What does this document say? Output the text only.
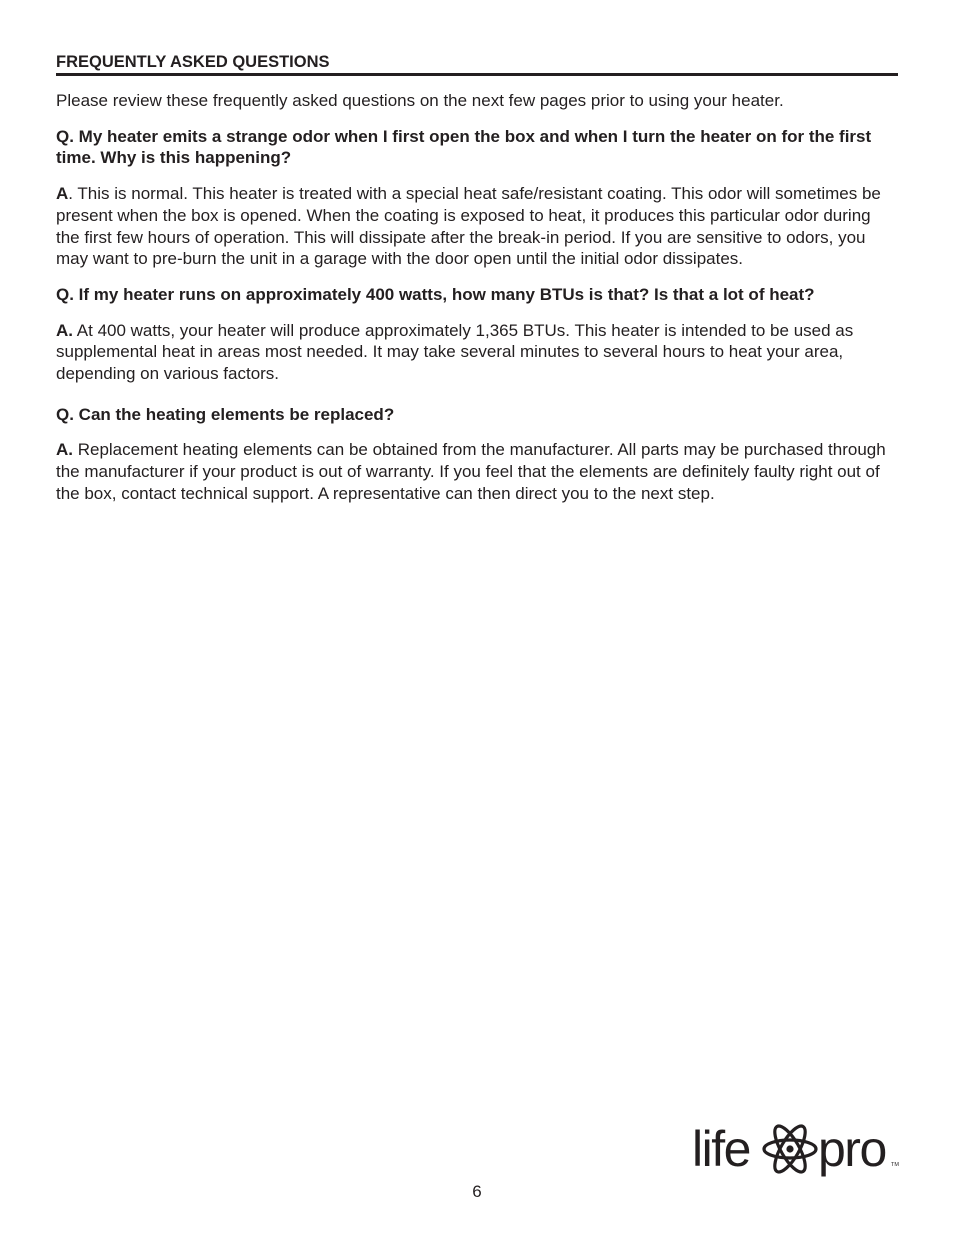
FREQUENTLY ASKED QUESTIONS

Please review these frequently asked questions on the next few pages prior to using your heater.

Q. My heater emits a strange odor when I first open the box and when I turn the heater on for the first time. Why is this happening?

A. This is normal. This heater is treated with a special heat safe/resistant coating. This odor will sometimes be present when the box is opened. When the coating is exposed to heat, it produces this particular odor during the first few hours of operation. This will dissipate after the break-in period. If you are sensitive to odors, you may want to pre-burn the unit in a garage with the door open until the initial odor dissipates.

Q. If my heater runs on approximately 400 watts, how many BTUs is that? Is that a lot of heat?

A. At 400 watts, your heater will produce approximately 1,365 BTUs. This heater is intended to be used as supplemental heat in areas most needed. It may take several minutes to several hours to heat your area, depending on various factors.

Q. Can the heating elements be replaced?

A. Replacement heating elements can be obtained from the manufacturer. All parts may be purchased through the manufacturer if your product is out of warranty. If you feel that the elements are definitely faulty right out of the box, contact technical support. A representative can then direct you to the next step.

life pro TM
6
